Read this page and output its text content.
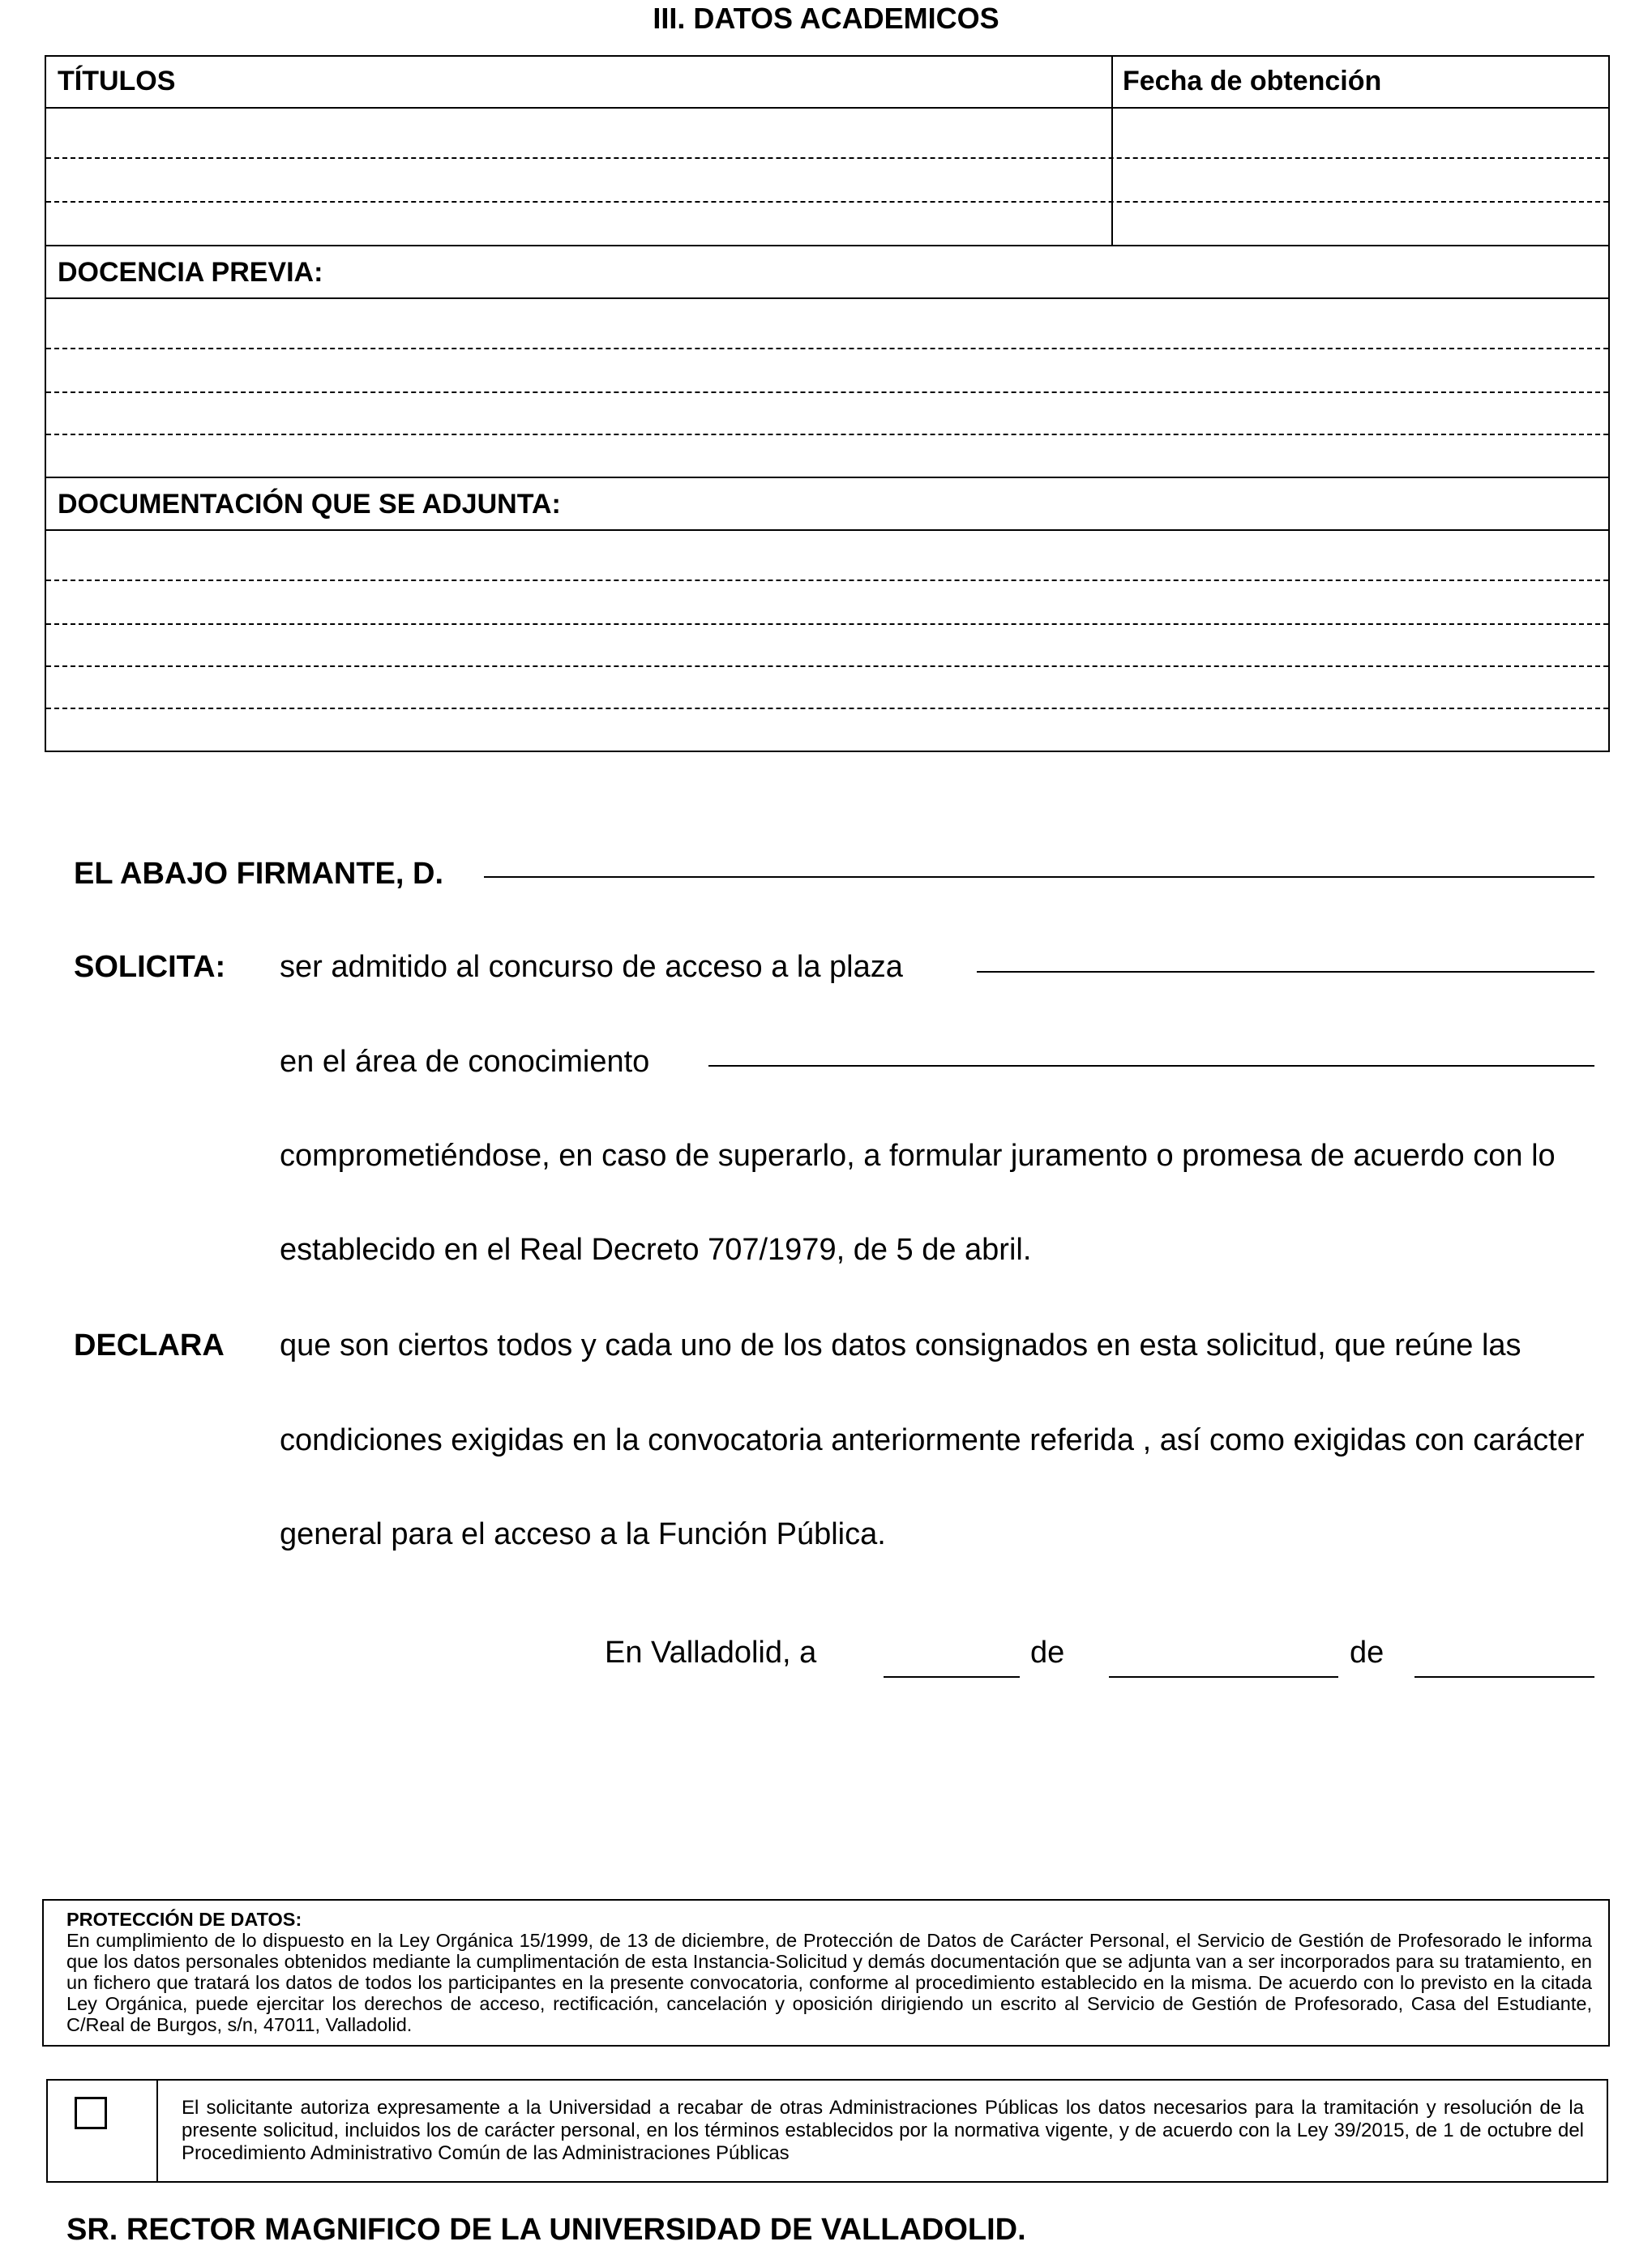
III. DATOS ACADEMICOS
TÍTULOS	Fecha de obtención
DOCENCIA PREVIA:
DOCUMENTACIÓN QUE SE ADJUNTA:
EL ABAJO FIRMANTE, D.
SOLICITA: ser admitido al concurso de acceso a la plaza
en el área de conocimiento
comprometiéndose, en caso de superarlo, a formular juramento o promesa de acuerdo con lo
establecido en el Real Decreto 707/1979, de 5 de abril.
DECLARA que son ciertos todos y cada uno de los datos consignados en esta solicitud, que reúne las
condiciones exigidas en la convocatoria anteriormente referida , así como exigidas con carácter
general para el acceso a la Función Pública.
En Valladolid, a	de	de
PROTECCIÓN DE DATOS:
En cumplimiento de lo dispuesto en la Ley Orgánica 15/1999, de 13 de diciembre, de Protección de Datos de Carácter Personal, el Servicio de Gestión de Profesorado le informa que los datos personales obtenidos mediante la cumplimentación de esta Instancia-Solicitud y demás documentación que se adjunta van a ser incorporados para su tratamiento, en un fichero que tratará los datos de todos los participantes en la presente convocatoria, conforme al procedimiento establecido en la misma. De acuerdo con lo previsto en la citada Ley Orgánica, puede ejercitar los derechos de acceso, rectificación, cancelación y oposición dirigiendo un escrito al Servicio de Gestión de Profesorado, Casa del Estudiante, C/Real de Burgos, s/n, 47011, Valladolid.
El solicitante autoriza expresamente a la Universidad a recabar de otras Administraciones Públicas los datos necesarios para la tramitación y resolución de la presente solicitud, incluidos los de carácter personal, en los términos establecidos por la normativa vigente, y de acuerdo con la Ley 39/2015, de 1 de octubre del Procedimiento Administrativo Común de las Administraciones Públicas
SR. RECTOR MAGNIFICO DE LA UNIVERSIDAD DE VALLADOLID.
